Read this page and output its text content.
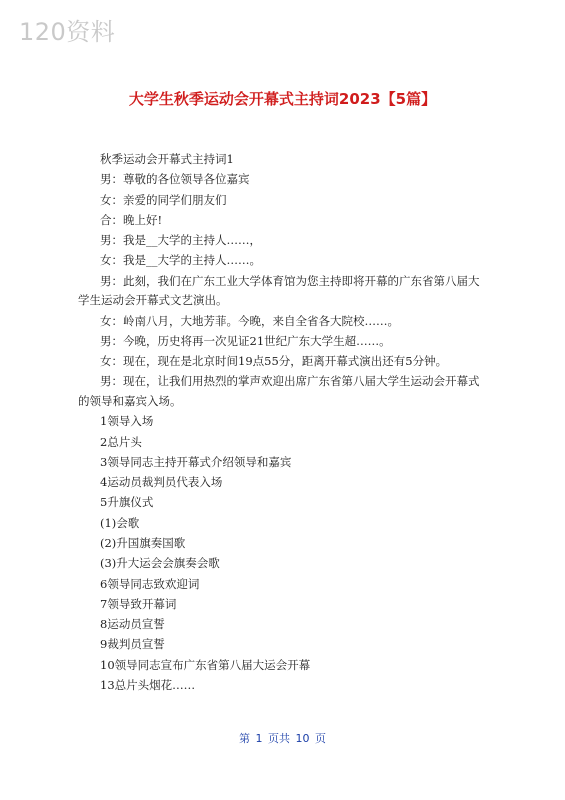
120资料
大学生秋季运动会开幕式主持词2023【5篇】

秋季运动会开幕式主持词1

男：尊敬的各位领导各位嘉宾

女：亲爱的同学们朋友们

合：晚上好!

男：我是__大学的主持人……，

女：我是__大学的主持人……。

男：此刻，我们在广东工业大学体育馆为您主持即将开幕的广东省第八届大学生运动会开幕式文艺演出。

女：岭南八月，大地芳菲。今晚，来自全省各大院校……。

男：今晚，历史将再一次见证21世纪广东大学生超……。

女：现在，现在是北京时间19点55分，距离开幕式演出还有5分钟。

男：现在，让我们用热烈的掌声欢迎出席广东省第八届大学生运动会开幕式的领导和嘉宾入场。

1领导入场

2总片头

3领导同志主持开幕式介绍领导和嘉宾

4运动员裁判员代表入场

5升旗仪式

(1)会歌

(2)升国旗奏国歌

(3)升大运会会旗奏会歌

6领导同志致欢迎词

7领导致开幕词

8运动员宣誓

9裁判员宣誓

10领导同志宣布广东省第八届大运会开幕

13总片头烟花……

第 1 页共 10 页
